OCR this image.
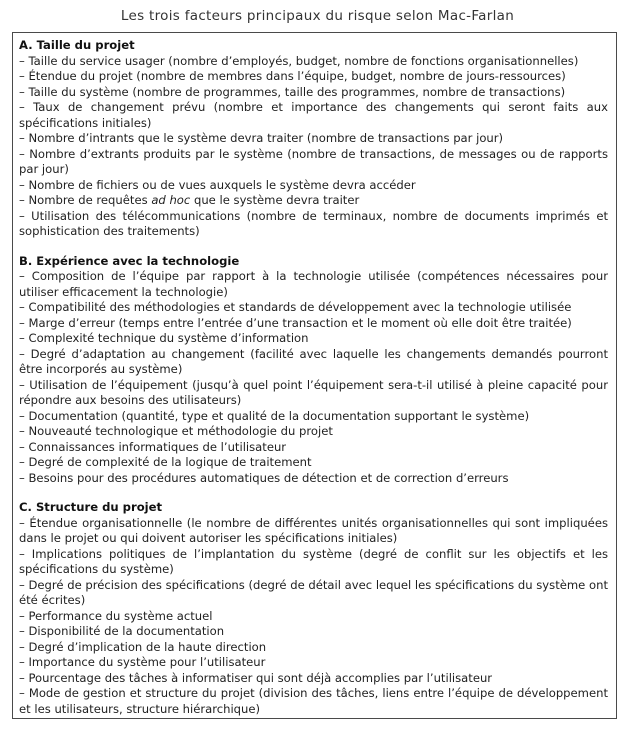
Les trois facteurs principaux du risque selon Mac-Farlan
A. Taille du projet

– Taille du service usager (nombre d’employés, budget, nombre de fonctions organisationnelles)

– Étendue du projet (nombre de membres dans l’équipe, budget, nombre de jours-ressources)

– Taille du système (nombre de programmes, taille des programmes, nombre de transactions)

– Taux de changement prévu (nombre et importance des changements qui seront faits aux spécifications initiales)

– Nombre d’intrants que le système devra traiter (nombre de transactions par jour)

– Nombre d’extrants produits par le système (nombre de transactions, de messages ou de rapports par jour)

– Nombre de fichiers ou de vues auxquels le système devra accéder

– Nombre de requêtes ad hoc que le système devra traiter

– Utilisation des télécommunications (nombre de terminaux, nombre de documents imprimés et sophistication des traitements)

B. Expérience avec la technologie

– Composition de l’équipe par rapport à la technologie utilisée (compétences nécessaires pour utiliser efficacement la technologie)

– Compatibilité des méthodologies et standards de développement avec la technologie utilisée

– Marge d’erreur (temps entre l’entrée d’une transaction et le moment où elle doit être traitée)

– Complexité technique du système d’information

– Degré d’adaptation au changement (facilité avec laquelle les changements demandés pourront être incorporés au système)

– Utilisation de l’équipement (jusqu’à quel point l’équipement sera-t-il utilisé à pleine capacité pour répondre aux besoins des utilisateurs)

– Documentation (quantité, type et qualité de la documentation supportant le système)

– Nouveauté technologique et méthodologie du projet

– Connaissances informatiques de l’utilisateur

– Degré de complexité de la logique de traitement

– Besoins pour des procédures automatiques de détection et de correction d’erreurs

C. Structure du projet

– Étendue organisationnelle (le nombre de différentes unités organisationnelles qui sont impliquées dans le projet ou qui doivent autoriser les spécifications initiales)

– Implications politiques de l’implantation du système (degré de conflit sur les objectifs et les spécifications du système)

– Degré de précision des spécifications (degré de détail avec lequel les spécifications du système ont été écrites)

– Performance du système actuel

– Disponibilité de la documentation

– Degré d’implication de la haute direction

– Importance du système pour l’utilisateur

– Pourcentage des tâches à informatiser qui sont déjà accomplies par l’utilisateur

– Mode de gestion et structure du projet (division des tâches, liens entre l’équipe de développement et les utilisateurs, structure hiérarchique)
